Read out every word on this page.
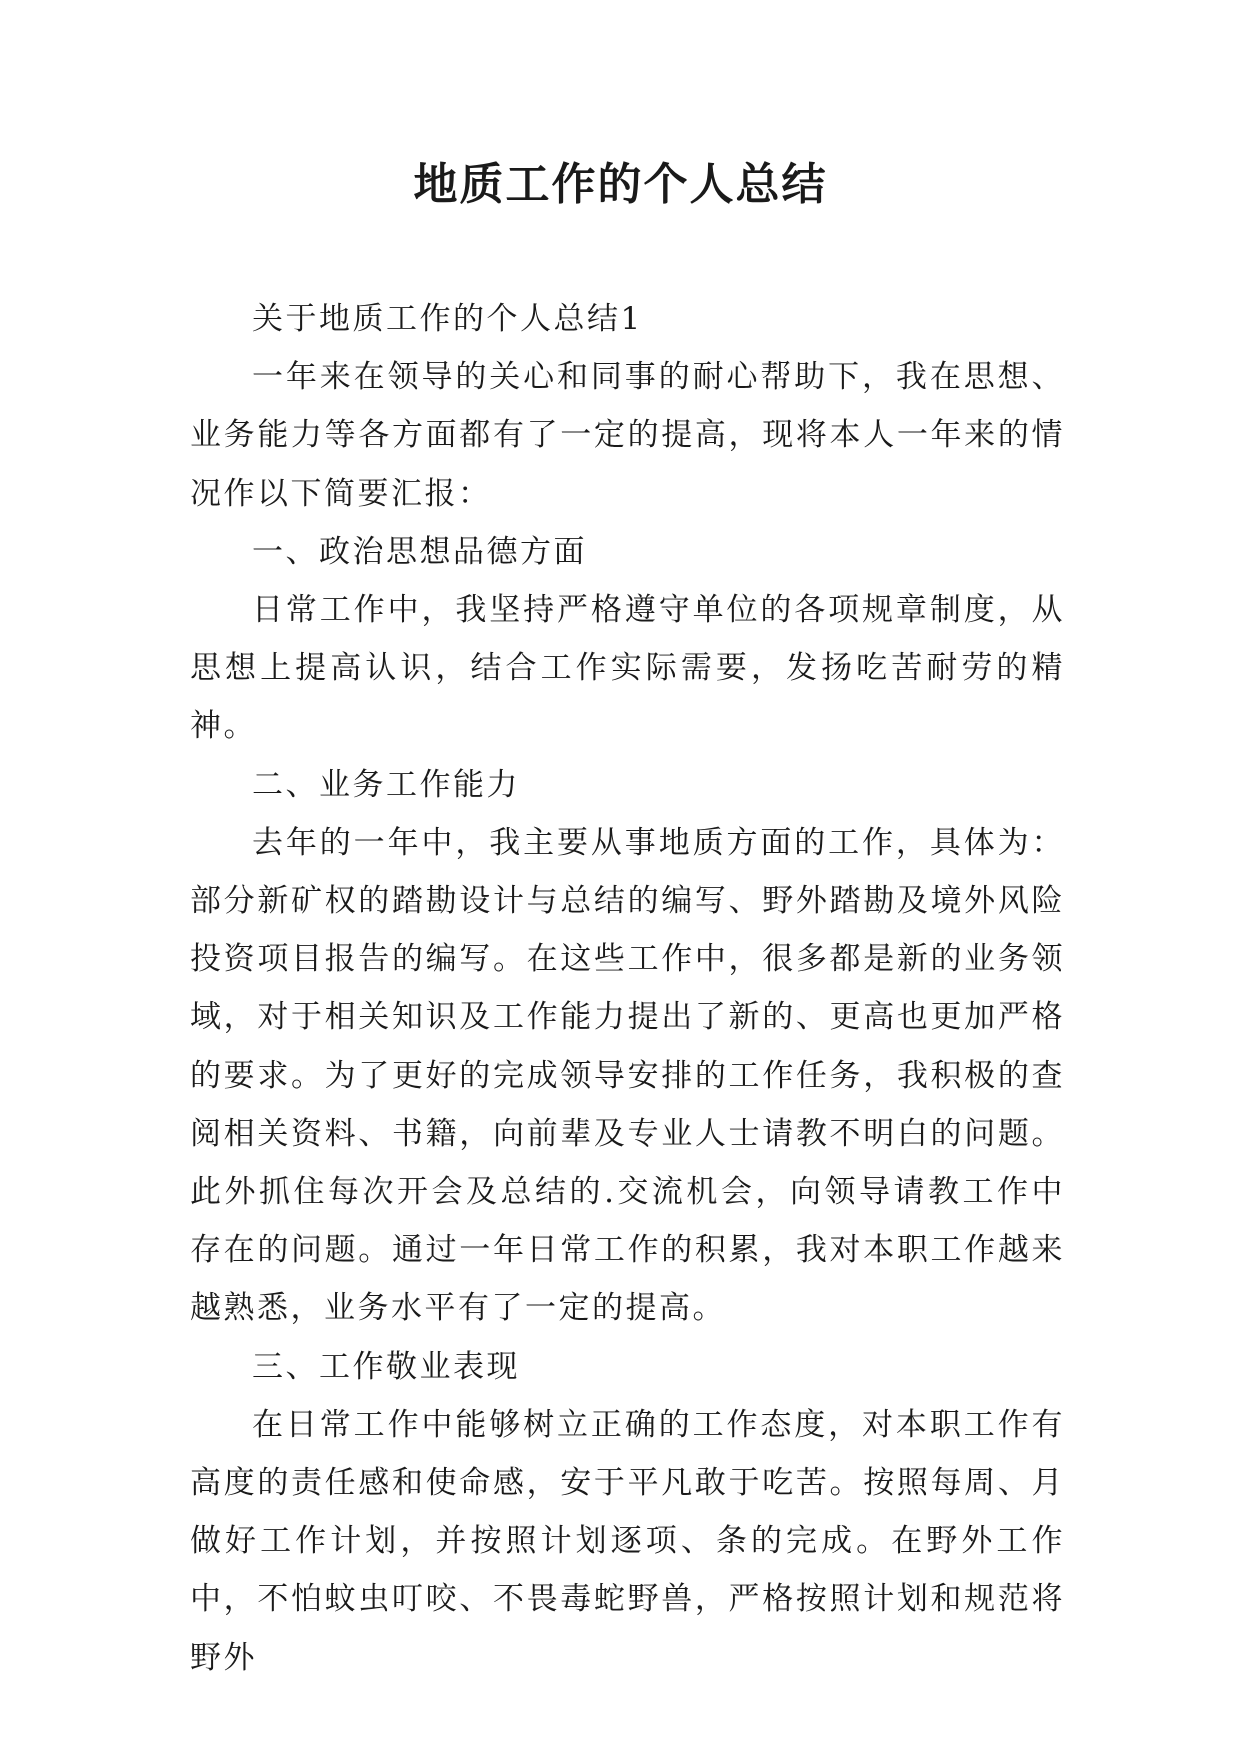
地质工作的个人总结

关于地质工作的个人总结1

一年来在领导的关心和同事的耐心帮助下，我在思想、业务能力等各方面都有了一定的提高，现将本人一年来的情况作以下简要汇报：

一、政治思想品德方面

日常工作中，我坚持严格遵守单位的各项规章制度，从思想上提高认识，结合工作实际需要，发扬吃苦耐劳的精神。

二、业务工作能力

去年的一年中，我主要从事地质方面的工作，具体为：部分新矿权的踏勘设计与总结的编写、野外踏勘及境外风险投资项目报告的编写。在这些工作中，很多都是新的业务领域，对于相关知识及工作能力提出了新的、更高也更加严格的要求。为了更好的完成领导安排的工作任务，我积极的查阅相关资料、书籍，向前辈及专业人士请教不明白的问题。此外抓住每次开会及总结的.交流机会，向领导请教工作中存在的问题。通过一年日常工作的积累，我对本职工作越来越熟悉，业务水平有了一定的提高。

三、工作敬业表现

在日常工作中能够树立正确的工作态度，对本职工作有高度的责任感和使命感，安于平凡敢于吃苦。按照每周、月做好工作计划，并按照计划逐项、条的完成。在野外工作中，不怕蚊虫叮咬、不畏毒蛇野兽，严格按照计划和规范将野外
